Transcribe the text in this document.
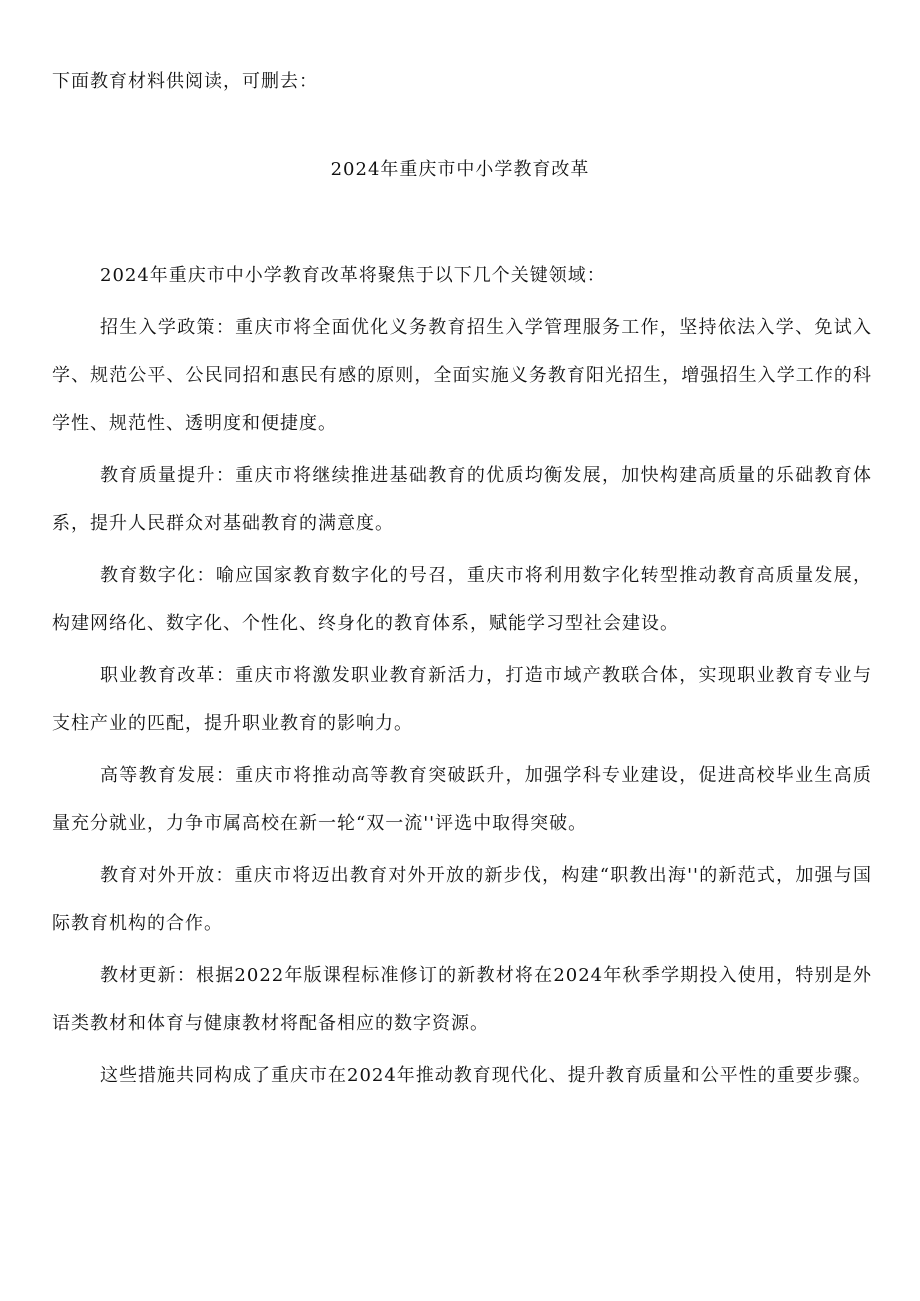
下面教育材料供阅读，可删去：
2024年重庆市中小学教育改革

2024年重庆市中小学教育改革将聚焦于以下几个关键领域：

招生入学政策：重庆市将全面优化义务教育招生入学管理服务工作，坚持依法入学、免试入学、规范公平、公民同招和惠民有感的原则，全面实施义务教育阳光招生，增强招生入学工作的科学性、规范性、透明度和便捷度。

教育质量提升：重庆市将继续推进基础教育的优质均衡发展，加快构建高质量的乐础教育体系，提升人民群众对基础教育的满意度。

教育数字化：喻应国家教育数字化的号召，重庆市将利用数字化转型推动教育高质量发展，构建网络化、数字化、个性化、终身化的教育体系，赋能学习型社会建设。

职业教育改革：重庆市将激发职业教育新活力，打造市域产教联合体，实现职业教育专业与支柱产业的匹配，提升职业教育的影响力。

高等教育发展：重庆市将推动高等教育突破跃升，加强学科专业建设，促进高校毕业生高质量充分就业，力争市属高校在新一轮“双一流''评选中取得突破。

教育对外开放：重庆市将迈出教育对外开放的新步伐，构建“职教出海''的新范式，加强与国际教育机构的合作。

教材更新：根据2022年版课程标准修订的新教材将在2024年秋季学期投入使用，特别是外语类教材和体育与健康教材将配备相应的数字资源。

这些措施共同构成了重庆市在2024年推动教育现代化、提升教育质量和公平性的重要步骤。
